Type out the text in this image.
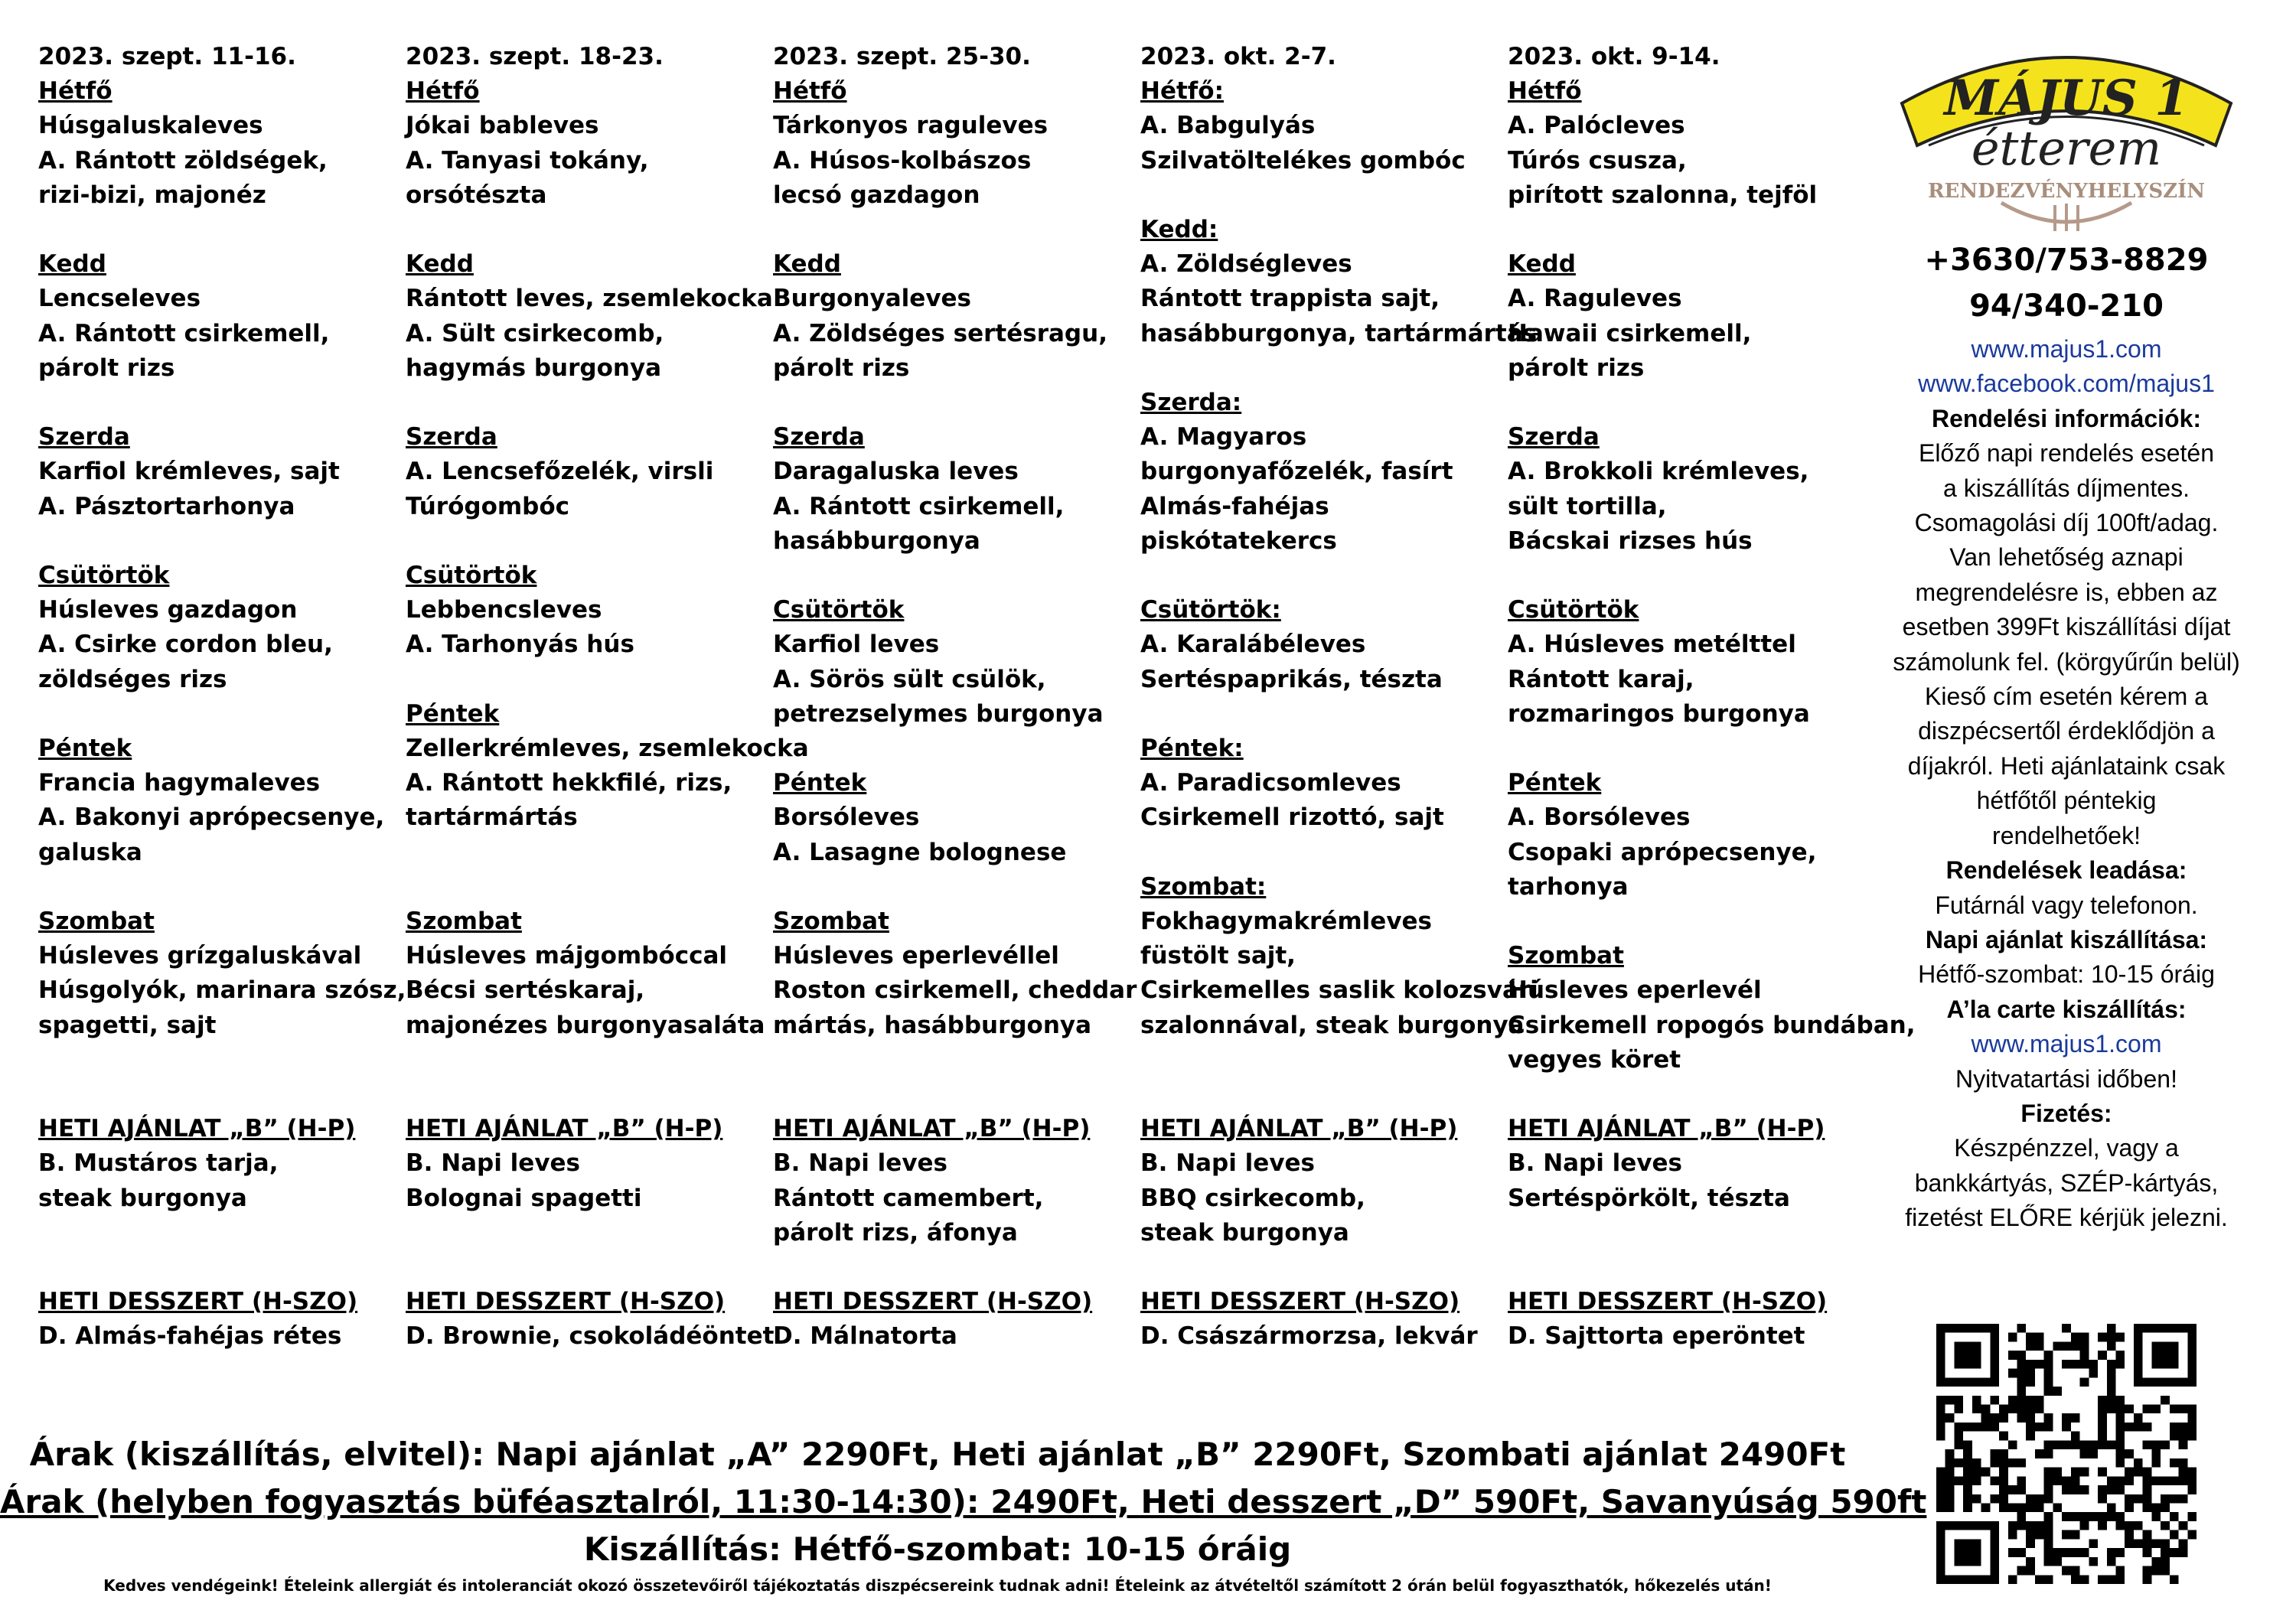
2023. szept. 11-16.
Hétfő
Húsgaluskaleves
A. Rántott zöldségek,
rizi-bizi, majonéz
Kedd
Lencseleves
A. Rántott csirkemell,
párolt rizs
Szerda
Karfiol krémleves, sajt
A. Pásztortarhonya
Csütörtök
Húsleves gazdagon
A. Csirke cordon bleu,
zöldséges rizs
Péntek
Francia hagymaleves
A. Bakonyi aprópecsenye,
galuska
Szombat
Húsleves grízgaluskával
Húsgolyók, marinara szósz,
spagetti, sajt
HETI AJÁNLAT „B” (H-P)
B. Mustáros tarja,
steak burgonya
HETI DESSZERT (H-SZO)
D. Almás-fahéjas rétes
2023. szept. 18-23.
Hétfő
Jókai bableves
A. Tanyasi tokány,
orsótészta
Kedd
Rántott leves, zsemlekocka
A. Sült csirkecomb,
hagymás burgonya
Szerda
A. Lencsefőzelék, virsli
Túrógombóc
Csütörtök
Lebbencsleves
A. Tarhonyás hús
Péntek
Zellerkrémleves, zsemlekocka
A. Rántott hekkfilé, rizs,
tartármártás
Szombat
Húsleves májgombóccal
Bécsi sertéskaraj,
majonézes burgonyasaláta
HETI AJÁNLAT „B” (H-P)
B. Napi leves
Bolognai spagetti
HETI DESSZERT (H-SZO)
D. Brownie, csokoládéöntet
2023. szept. 25-30.
Hétfő
Tárkonyos raguleves
A. Húsos-kolbászos
lecsó gazdagon
Kedd
Burgonyaleves
A. Zöldséges sertésragu,
párolt rizs
Szerda
Daragaluska leves
A. Rántott csirkemell,
hasábburgonya
Csütörtök
Karfiol leves
A. Sörös sült csülök,
petrezselymes burgonya
Péntek
Borsóleves
A. Lasagne bolognese
Szombat
Húsleves eperlevéllel
Roston csirkemell, cheddar
mártás, hasábburgonya
HETI AJÁNLAT „B” (H-P)
B. Napi leves
Rántott camembert,
párolt rizs, áfonya
HETI DESSZERT (H-SZO)
D. Málnatorta
2023. okt. 2-7.
Hétfő:
A. Babgulyás
Szilvatöltelékes gombóc
Kedd:
A. Zöldségleves
Rántott trappista sajt,
hasábburgonya, tartármártás
Szerda:
A. Magyaros
burgonyafőzelék, fasírt
Almás-fahéjas
piskótatekercs
Csütörtök:
A. Karalábéleves
Sertéspaprikás, tészta
Péntek:
A. Paradicsomleves
Csirkemell rizottó, sajt
Szombat:
Fokhagymakrémleves
füstölt sajt,
Csirkemelles saslik kolozsvári
szalonnával, steak burgonya
HETI AJÁNLAT „B” (H-P)
B. Napi leves
BBQ csirkecomb,
steak burgonya
HETI DESSZERT (H-SZO)
D. Császármorzsa, lekvár
2023. okt. 9-14.
Hétfő
A. Palócleves
Túrós csusza,
pirított szalonna, tejföl
Kedd
A. Raguleves
Hawaii csirkemell,
párolt rizs
Szerda
A. Brokkoli krémleves,
sült tortilla,
Bácskai rizses hús
Csütörtök
A. Húsleves metélttel
Rántott karaj,
rozmaringos burgonya
Péntek
A. Borsóleves
Csopaki aprópecsenye,
tarhonya
Szombat
Húsleves eperlevél
Csirkemell ropogós bundában,
vegyes köret
HETI AJÁNLAT „B” (H-P)
B. Napi leves
Sertéspörkölt, tészta
HETI DESSZERT (H-SZO)
D. Sajttorta eperöntet
MÁJUS 1
étterem
RENDEZVÉNYHELYSZÍN
+3630/753-8829
94/340-210
www.majus1.com
www.facebook.com/majus1
Rendelési információk:
Előző napi rendelés esetén
a kiszállítás díjmentes.
Csomagolási díj 100ft/adag.
Van lehetőség aznapi
megrendelésre is, ebben az
esetben 399Ft kiszállítási díjat
számolunk fel. (körgyűrűn belül)
Kieső cím esetén kérem a
diszpécsertől érdeklődjön a
díjakról. Heti ajánlataink csak
hétfőtől péntekig
rendelhetőek!
Rendelések leadása:
Futárnál vagy telefonon.
Napi ajánlat kiszállítása:
Hétfő-szombat: 10-15 óráig
A’la carte kiszállítás:
www.majus1.com
Nyitvatartási időben!
Fizetés:
Készpénzzel, vagy a
bankkártyás, SZÉP-kártyás,
fizetést ELŐRE kérjük jelezni.
Árak (kiszállítás, elvitel): Napi ajánlat „A” 2290Ft, Heti ajánlat „B” 2290Ft, Szombati ajánlat 2490Ft
Árak (helyben fogyasztás büféasztalról, 11:30-14:30): 2490Ft, Heti desszert „D” 590Ft, Savanyúság 590ft
Kiszállítás: Hétfő-szombat: 10-15 óráig
Kedves vendégeink! Ételeink allergiát és intoleranciát okozó összetevőiről tájékoztatás diszpécsereink tudnak adni! Ételeink az átvételtől számított 2 órán belül fogyaszthatók, hőkezelés után!
